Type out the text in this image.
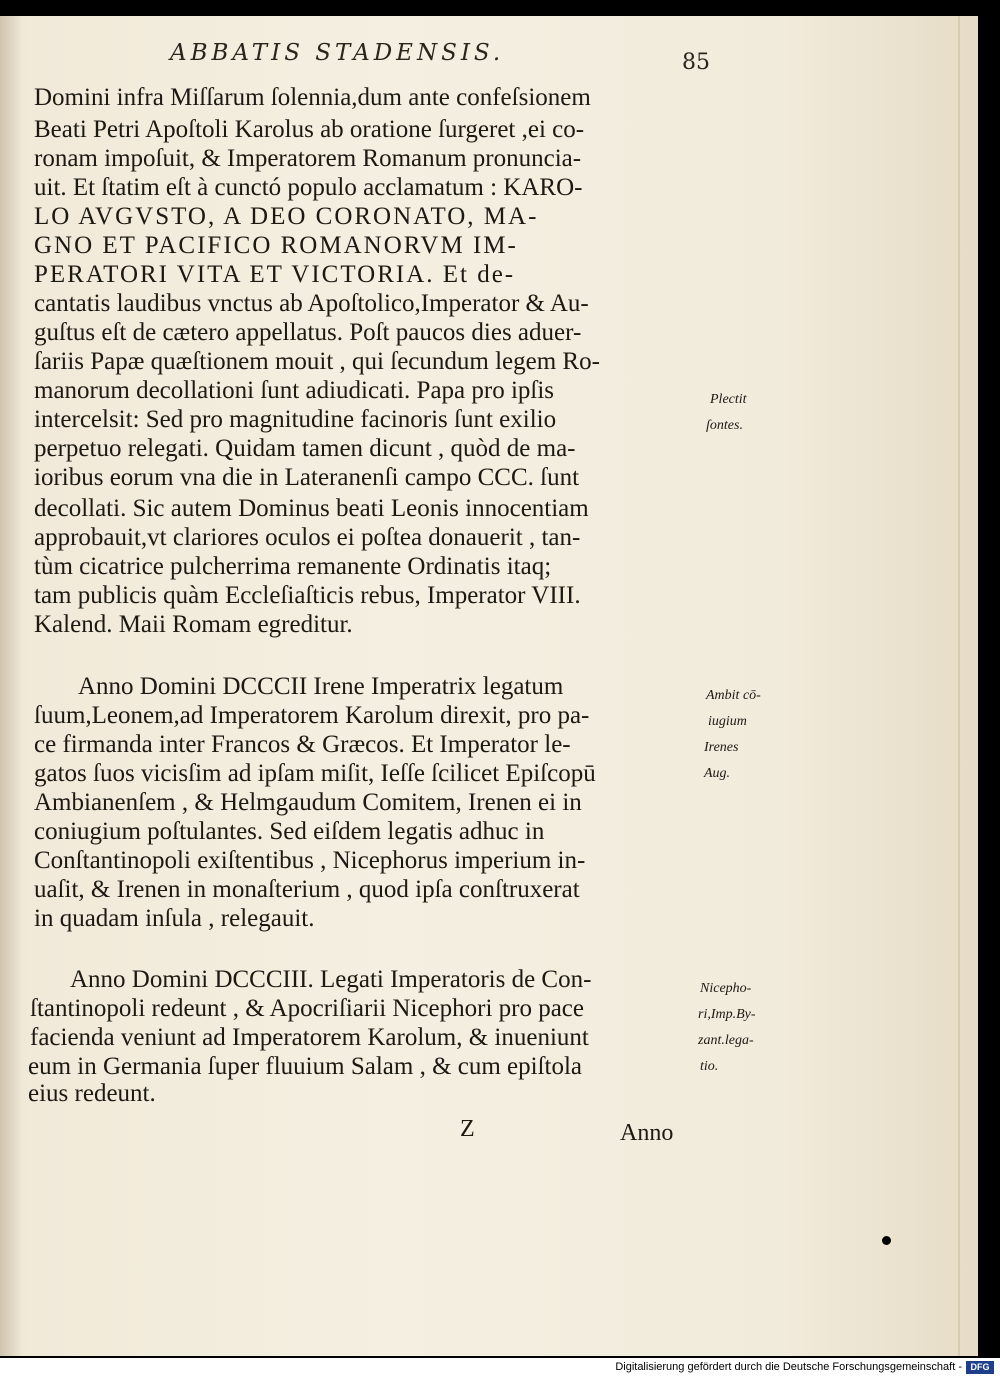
ABBATIS STADENSIS.	85
Domini infra Miſſarum ſolennia,dum ante confeſsionem
Beati Petri Apoſtoli Karolus ab oratione ſurgeret ,ei co-
ronam impoſuit, & Imperatorem Romanum pronuncia-
uit. Et ſtatim eſt à cunctó populo acclamatum : KARO-
LO AVGVSTO, A DEO CORONATO, MA-
GNO ET PACIFICO ROMANORVM IM-
PERATORI VITA ET VICTORIA. Et de-
cantatis laudibus vnctus ab Apoſtolico,Imperator & Au-
guſtus eſt de cætero appellatus. Poſt paucos dies aduer-
ſariis Papæ quæſtionem mouit , qui ſecundum legem Ro-
manorum decollationi ſunt adiudicati. Papa pro ipſis
intercelsit: Sed pro magnitudine facinoris ſunt exilio
perpetuo relegati. Quidam tamen dicunt , quòd de ma-
ioribus eorum vna die in Lateranenſi campo CCC. ſunt
decollati. Sic autem Dominus beati Leonis innocentiam
approbauit,vt clariores oculos ei poſtea donauerit , tan-
tùm cicatrice pulcherrima remanente Ordinatis itaq;
tam publicis quàm Eccleſiaſticis rebus, Imperator VIII.
Kalend. Maii Romam egreditur.
Anno Domini DCCCII Irene Imperatrix legatum
ſuum,Leonem,ad Imperatorem Karolum direxit, pro pa-
ce firmanda inter Francos & Græcos. Et Imperator le-
gatos ſuos vicisſim ad ipſam miſit, Ieſſe ſcilicet Epiſcopū
Ambianenſem , & Helmgaudum Comitem, Irenen ei in
coniugium poſtulantes. Sed eiſdem legatis adhuc in
Conſtantinopoli exiſtentibus , Nicephorus imperium in-
uaſit, & Irenen in monaſterium , quod ipſa conſtruxerat
in quadam inſula , relegauit.
Anno Domini DCCCIII. Legati Imperatoris de Con-
ſtantinopoli redeunt , & Apocriſiarii Nicephori pro pace
facienda veniunt ad Imperatorem Karolum, & inueniunt
eum in Germania ſuper fluuium Salam , & cum epiſtola
eius redeunt.
Plectit
ſontes.
Ambit cō-
iugium
Irenes
Aug.
Nicepho-
ri,Imp.By-
zant.lega-
tio.
Z	Anno
Digitalisierung gefördert durch die Deutsche Forschungsgemeinschaft - DFG
